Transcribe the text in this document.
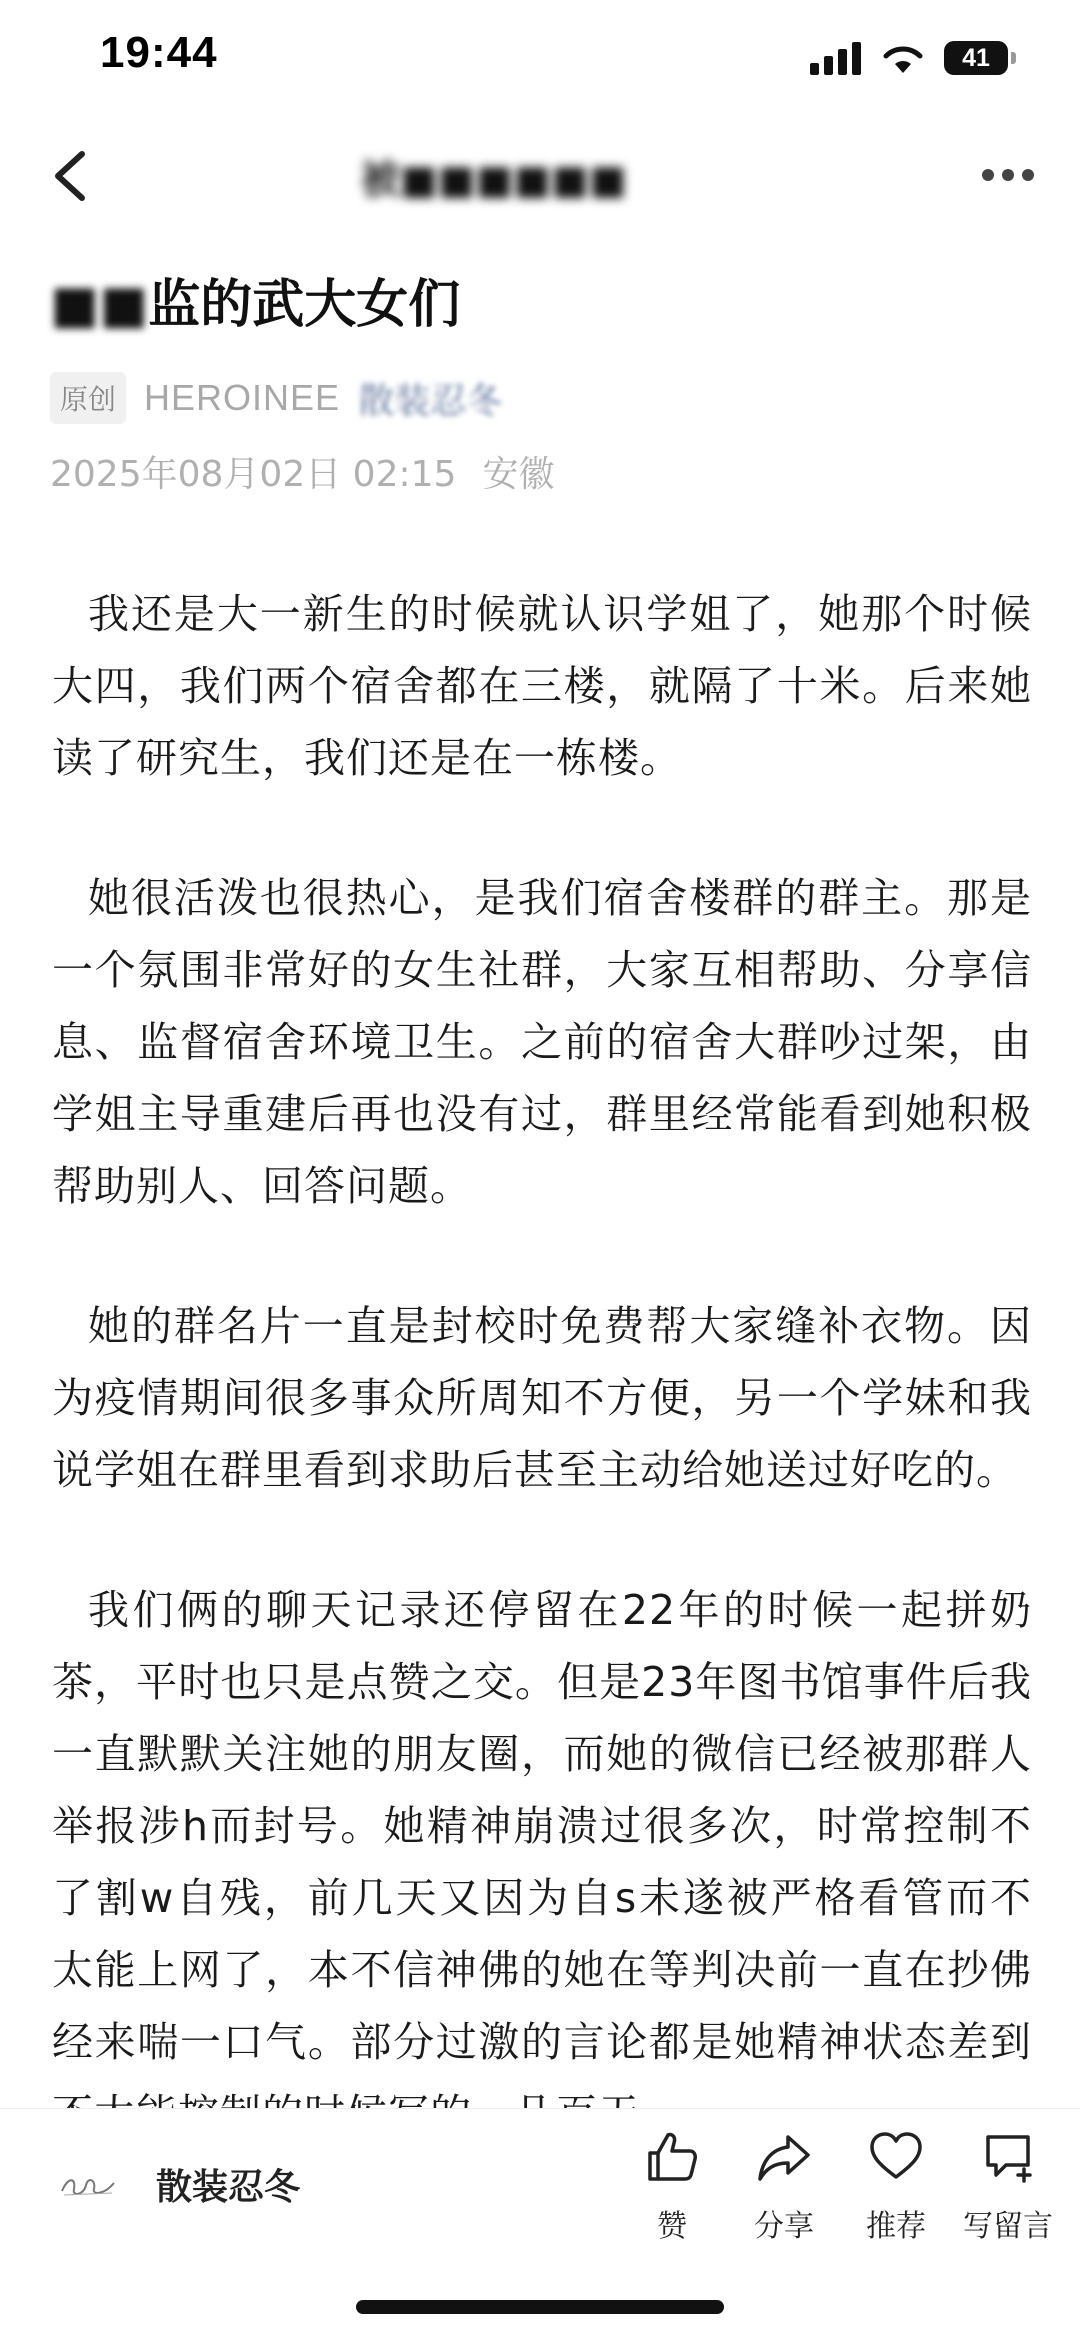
19:44	41
被■■■■■■
■■监的武大女们
原创 HEROINEE 散装忍冬
2025年08月02日 02:15 安徽

我还是大一新生的时候就认识学姐了，她那个时候大四，我们两个宿舍都在三楼，就隔了十米。后来她读了研究生，我们还是在一栋楼。

她很活泼也很热心，是我们宿舍楼群的群主。那是一个氛围非常好的女生社群，大家互相帮助、分享信息、监督宿舍环境卫生。之前的宿舍大群吵过架，由学姐主导重建后再也没有过，群里经常能看到她积极帮助别人、回答问题。

她的群名片一直是封校时免费帮大家缝补衣物。因为疫情期间很多事众所周知不方便，另一个学妹和我说学姐在群里看到求助后甚至主动给她送过好吃的。

我们俩的聊天记录还停留在22年的时候一起拼奶茶，平时也只是点赞之交。但是23年图书馆事件后我一直默默关注她的朋友圈，而她的微信已经被那群人举报涉h而封号。她精神崩溃过很多次，时常控制不了割w自残，前几天又因为自s未遂被严格看管而不太能上网了，本不信神佛的她在等判决前一直在抄佛经来喘一口气。部分过激的言论都是她精神状态差到

散装忍冬
赞 分享 推荐 写留言
